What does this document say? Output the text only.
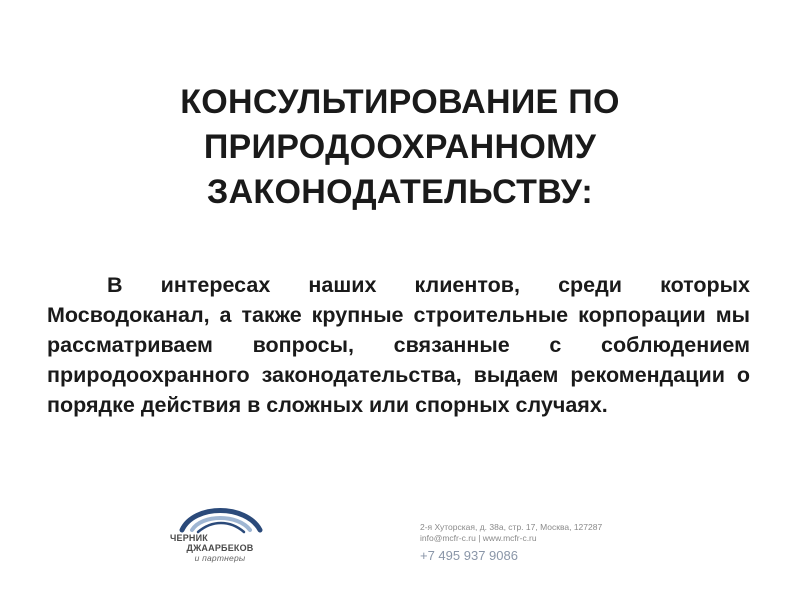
КОНСУЛЬТИРОВАНИЕ ПО
ПРИРОДООХРАННОМУ
ЗАКОНОДАТЕЛЬСТВУ:
В интересах наших клиентов, среди которых Мосводоканал, а также крупные строительные корпорации мы рассматриваем вопросы, связанные с соблюдением природоохранного законодательства, выдаем рекомендации о порядке действия в сложных или спорных случаях.
ЧЕРНИК
ДЖААРБЕКОВ
и партнеры
2-я Хуторская, д. 38а, стр. 17, Москва, 127287
info@mcfr-c.ru | www.mcfr-c.ru
+7 495 937 9086
